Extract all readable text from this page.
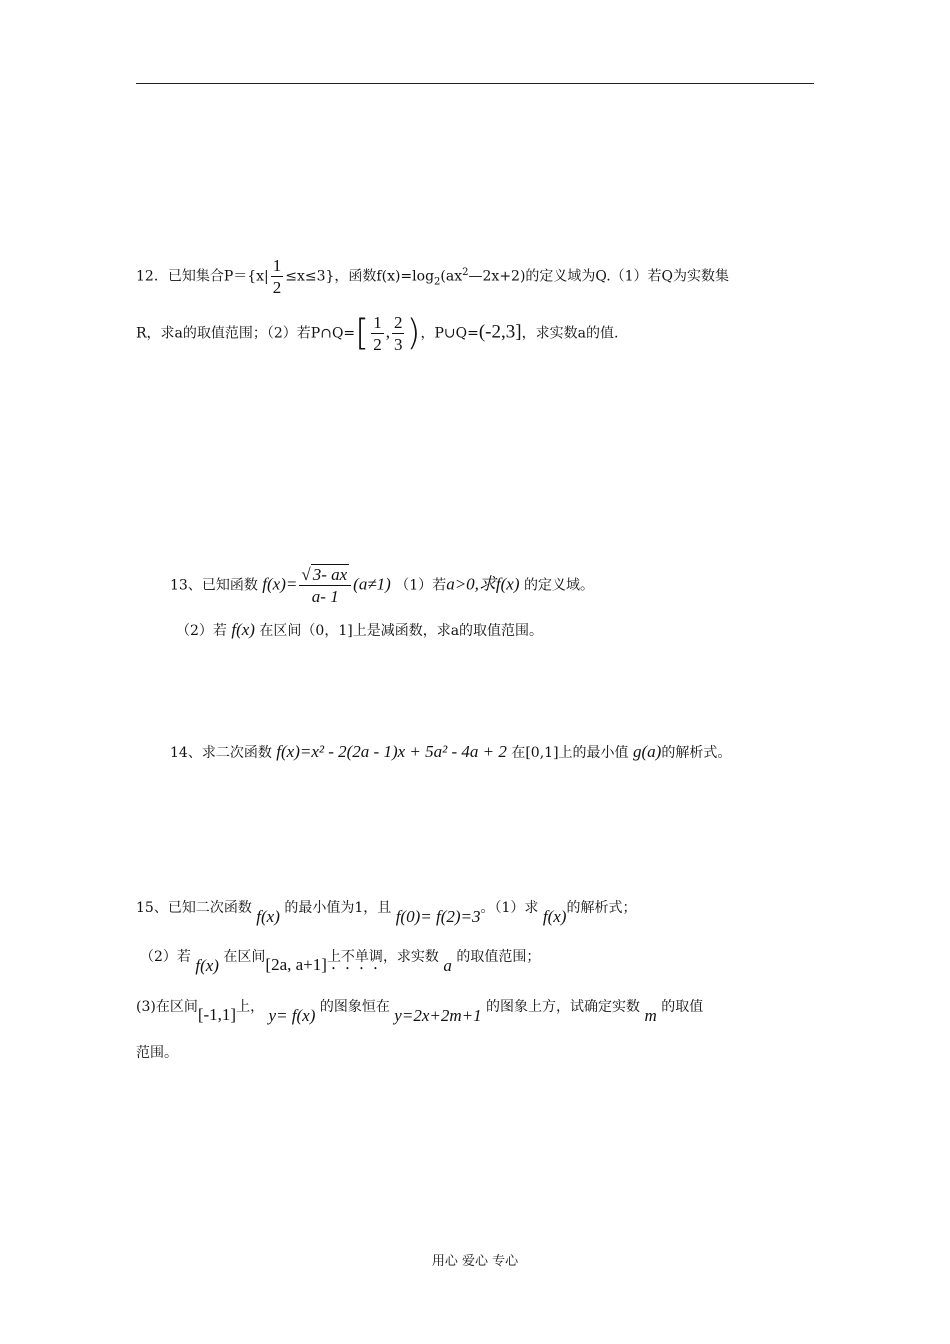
12．已知集合$P=\{x| \frac{1}{2} \le x\le 3\}$，函数$f(x)=\log_2(ax^2—2x+2)$的定义域为Q.（1）若Q为实数集
R，求a的取值范围；（2）若P∩Q=[ $\frac{1}{2}$ , $\frac{2}{3}$ )，P∪Q=(-2,3]，求实数a的值.
13、已知函数 $f(x)= \frac{√ 3- ax}{a- 1} (a\ne 1)$ （1）若a>0,求f(x) 的定义域。
（2）若 f(x) 在区间（0，1]上是减函数，求a的取值范围。
14、求二次函数 f(x)=x² - 2(2a - 1)x + 5a² - 4a + 2 在[0,1]上的最小值 g(a)的解析式。
15、已知二次函数 f(x) 的最小值为1，且 f(0)= f(2)=3。（1）求 f(x)的解析式；
（2）若 f(x) 在区间[2a, a+1]上不单调，求实数 a 的取值范围；
(3)在区间[-1,1]上， y= f(x) 的图象恒在 y=2x+2m+1 的图象上方，试确定实数 m 的取值
范围。
用心 爱心 专心
